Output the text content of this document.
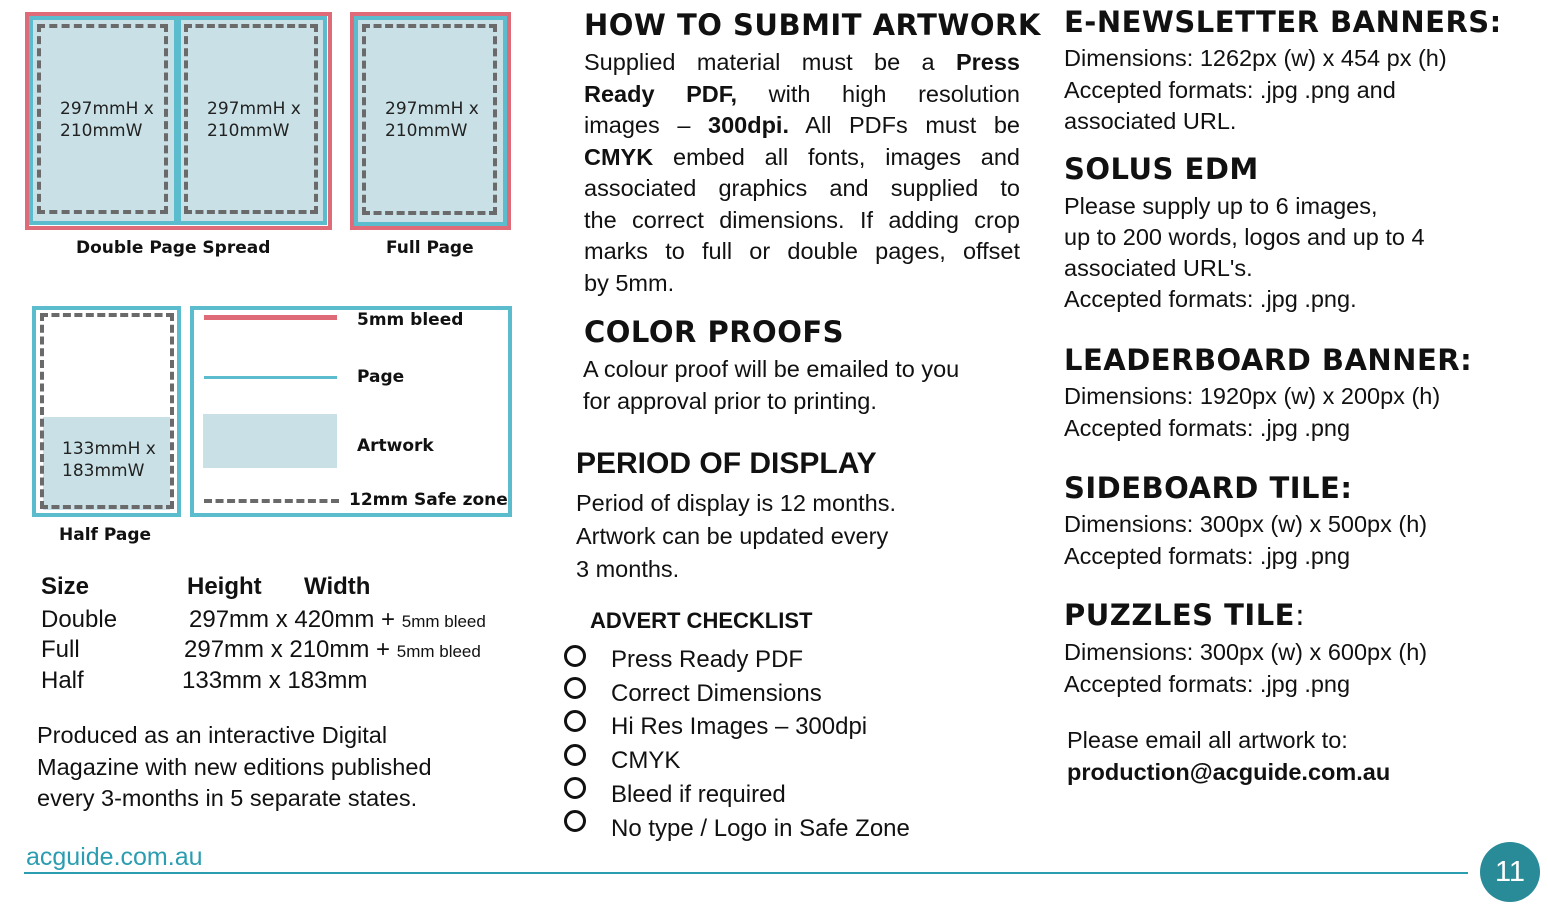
297mmH x
210mmW
297mmH x
210mmW
Double Page Spread
297mmH x
210mmW
Full Page
133mmH x
183mmW
Half Page
5mm bleed
Page
Artwork
12mm Safe zone
Size	Height Width
Double	297mm x 420mm + 5mm bleed
Full	297mm x 210mm + 5mm bleed
Half	133mm x 183mm
Produced as an interactive Digital
Magazine with new editions published
every 3-months in 5 separate states.
HOW TO SUBMIT ARTWORK
Supplied material must be a Press
Ready PDF, with high resolution
images – 300dpi. All PDFs must be
CMYK embed all fonts, images and
associated graphics and supplied to
the correct dimensions. If adding crop
marks to full or double pages, offset
by 5mm.
COLOR PROOFS
A colour proof will be emailed to you
for approval prior to printing.
PERIOD OF DISPLAY
Period of display is 12 months.
Artwork can be updated every
3 months.
ADVERT CHECKLIST
Press Ready PDF
Correct Dimensions
Hi Res Images – 300dpi
CMYK
Bleed if required
No type / Logo in Safe Zone
E-NEWSLETTER BANNERS:
Dimensions: 1262px (w) x 454 px (h)
Accepted formats: .jpg .png and
associated URL.
SOLUS EDM
Please supply up to 6 images,
up to 200 words, logos and up to 4
associated URL's.
Accepted formats: .jpg .png.
LEADERBOARD BANNER:
Dimensions: 1920px (w) x 200px (h)
Accepted formats: .jpg .png
SIDEBOARD TILE:
Dimensions: 300px (w) x 500px (h)
Accepted formats: .jpg .png
PUZZLES TILE:
Dimensions: 300px (w) x 600px (h)
Accepted formats: .jpg .png
Please email all artwork to:
production@acguide.com.au
acguide.com.au	11
